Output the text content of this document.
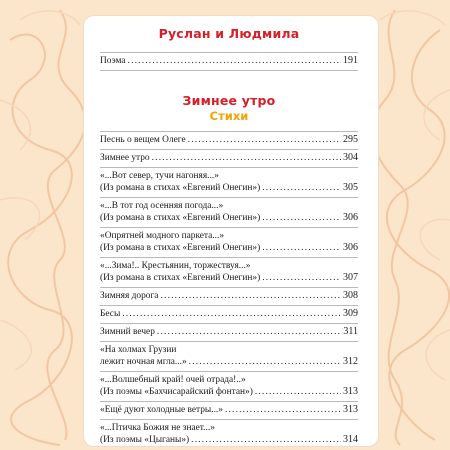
Руслан и Людмила
Поэма .....	191
Зимнее утро
Стихи
Песнь о вещем Олеге .....	295
Зимнее утро .....	304
«...Вот север, тучи нагоняя...»
(Из романа в стихах «Евгений Онегин») .....	305
«...В тот год осенняя погода...»
(Из романа в стихах «Евгений Онегин») .....	306
«Опрятней модного паркета...»
(Из романа в стихах «Евгений Онегин») .....	306
«...Зима!.. Крестьянин, торжествуя...»
(Из романа в стихах «Евгений Онегин») .....	307
Зимняя дорога .....	308
Бесы .....	309
Зимний вечер .....	311
«На холмах Грузии
лежит ночная мгла...» .....	312
«...Волшебный край! очей отрада!..»
(Из поэмы «Бахчисарайский фонтан») .....	313
«Ещё дуют холодные ветры...» .....	313
«...Птичка Божия не знает...»
(Из поэмы «Цыганы») .....	314
